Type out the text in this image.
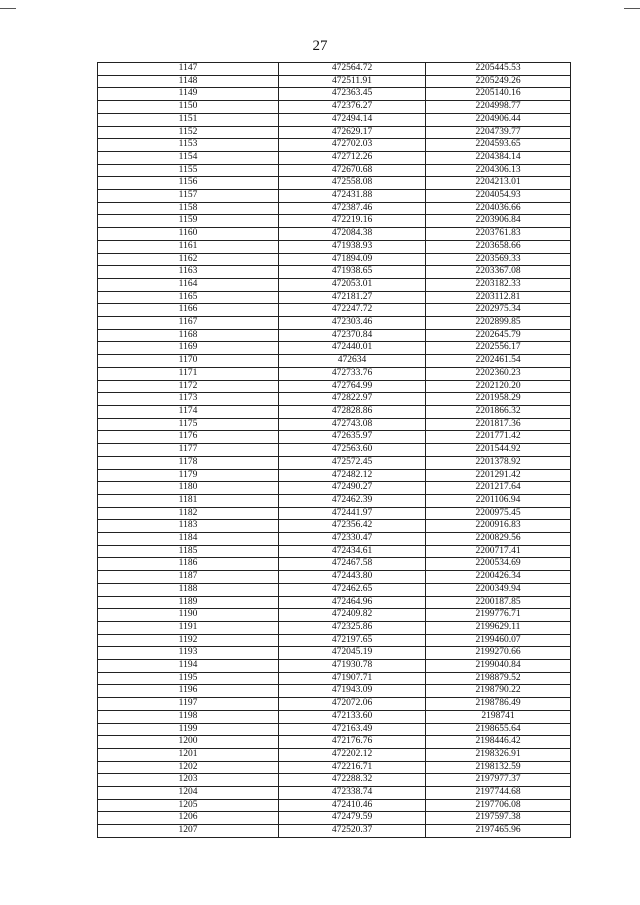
27
1147	472564.72	2205445.53
1148	472511.91	2205249.26
1149	472363.45	2205140.16
1150	472376.27	2204998.77
1151	472494.14	2204906.44
1152	472629.17	2204739.77
1153	472702.03	2204593.65
1154	472712.26	2204384.14
1155	472670.68	2204306.13
1156	472558.08	2204213.01
1157	472431.88	2204054.93
1158	472387.46	2204036.66
1159	472219.16	2203906.84
1160	472084.38	2203761.83
1161	471938.93	2203658.66
1162	471894.09	2203569.33
1163	471938.65	2203367.08
1164	472053.01	2203182.33
1165	472181.27	2203112.81
1166	472247.72	2202975.34
1167	472303.46	2202899.85
1168	472370.84	2202645.79
1169	472440.01	2202556.17
1170	472634	2202461.54
1171	472733.76	2202360.23
1172	472764.99	2202120.20
1173	472822.97	2201958.29
1174	472828.86	2201866.32
1175	472743.08	2201817.36
1176	472635.97	2201771.42
1177	472563.60	2201544.92
1178	472572.45	2201378.92
1179	472482.12	2201291.42
1180	472490.27	2201217.64
1181	472462.39	2201106.94
1182	472441.97	2200975.45
1183	472356.42	2200916.83
1184	472330.47	2200829.56
1185	472434.61	2200717.41
1186	472467.58	2200534.69
1187	472443.80	2200426.34
1188	472462.65	2200349.94
1189	472464.96	2200187.85
1190	472409.82	2199776.71
1191	472325.86	2199629.11
1192	472197.65	2199460.07
1193	472045.19	2199270.66
1194	471930.78	2199040.84
1195	471907.71	2198879.52
1196	471943.09	2198790.22
1197	472072.06	2198786.49
1198	472133.60	2198741
1199	472163.49	2198655.64
1200	472176.76	2198446.42
1201	472202.12	2198326.91
1202	472216.71	2198132.59
1203	472288.32	2197977.37
1204	472338.74	2197744.68
1205	472410.46	2197706.08
1206	472479.59	2197597.38
1207	472520.37	2197465.96
